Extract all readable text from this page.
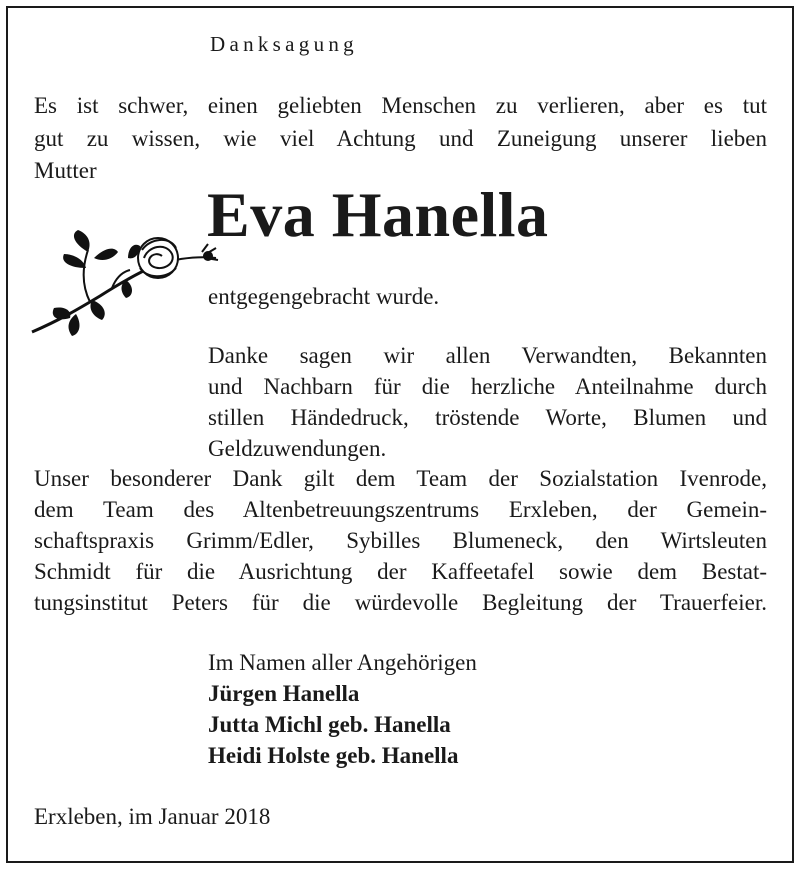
Danksagung
Es ist schwer, einen geliebten Menschen zu verlieren, aber es tut
gut zu wissen, wie viel Achtung und Zuneigung unserer lieben
Mutter
Eva Hanella
entgegengebracht wurde.
Danke sagen wir allen Verwandten, Bekannten
und Nachbarn für die herzliche Anteilnahme durch
stillen Händedruck, tröstende Worte, Blumen und
Geldzuwendungen.
Unser besonderer Dank gilt dem Team der Sozialstation Ivenrode,
dem Team des Altenbetreuungszentrums Erxleben, der Gemein-
schaftspraxis Grimm/Edler, Sybilles Blumeneck, den Wirtsleuten
Schmidt für die Ausrichtung der Kaffeetafel sowie dem Bestat-
tungsinstitut Peters für die würdevolle Begleitung der Trauerfeier.
Im Namen aller Angehörigen
Jürgen Hanella
Jutta Michl geb. Hanella
Heidi Holste geb. Hanella
Erxleben, im Januar 2018
